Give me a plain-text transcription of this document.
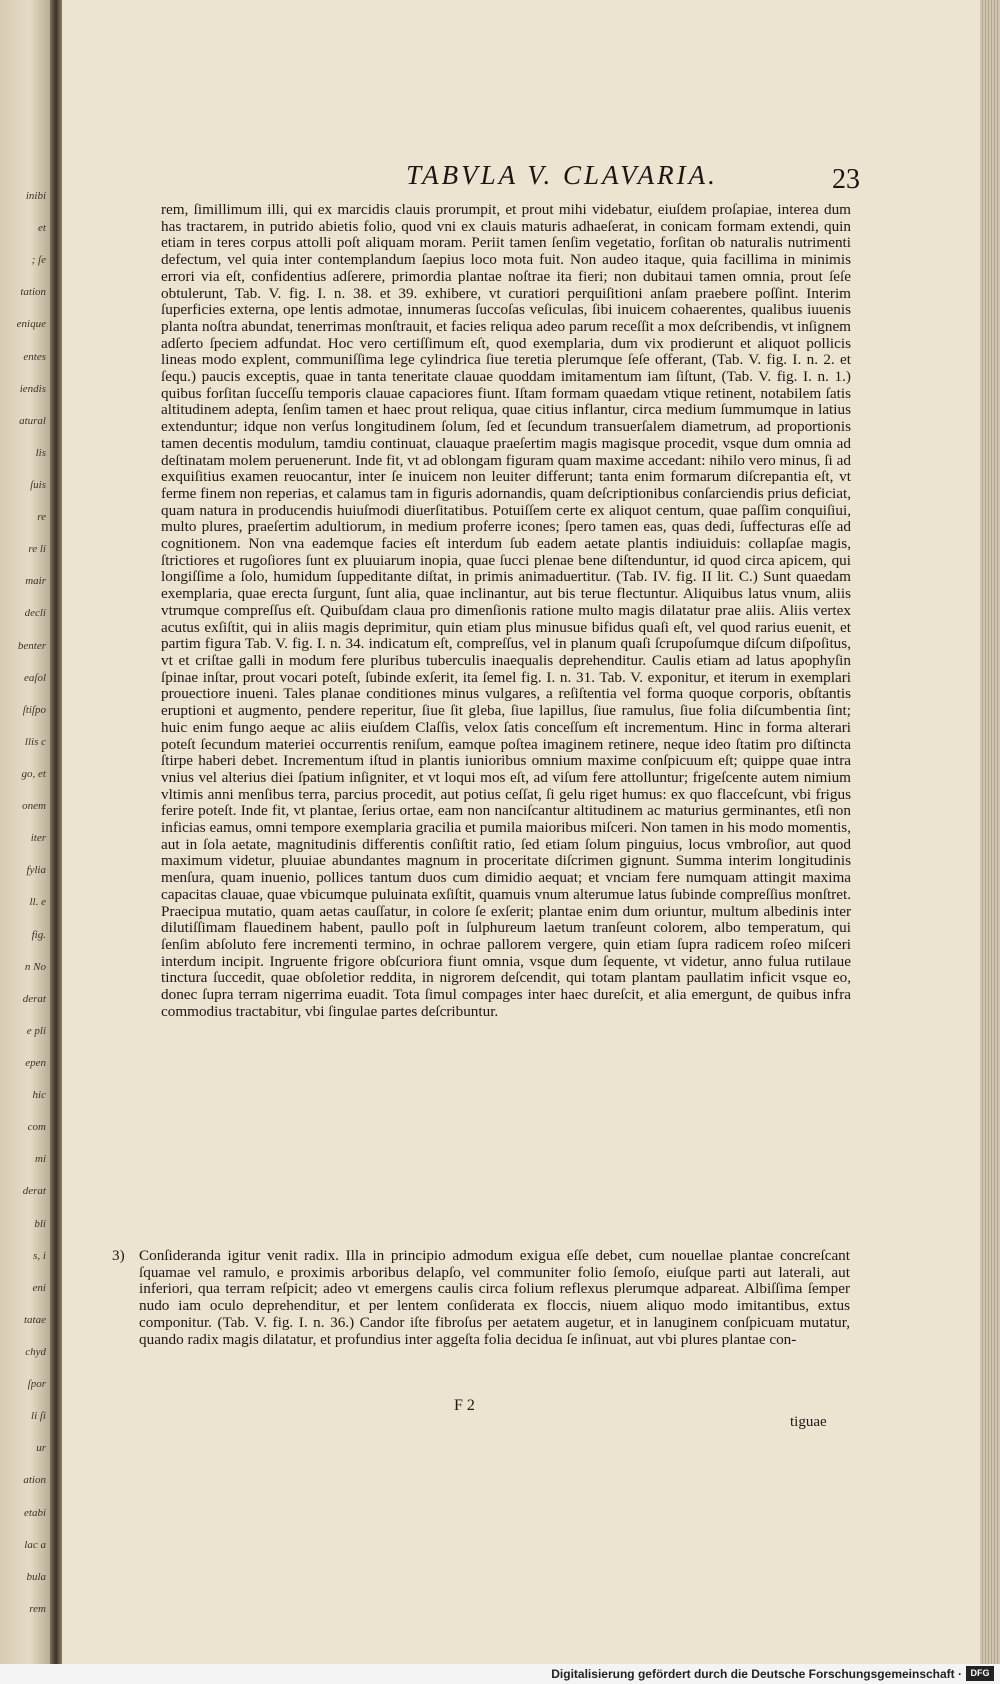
inibi
et
; ſe
tation
enique
entes
iendis
atural
lis
ſuis
re
re li
mair
decli
benter
eaſol
ſtiſpo
llis c
go, et
onem
iter
fylia
ll. e
fig.
n No
derat
e pli
epen
hic
com
mi
derat
bli
s, i
eni
tatae
chyd
ſpor
li ſi
ur
ation
etabi
lac a
bula
rem
TABVLA V. CLAVARIA.	23

rem, ſimillimum illi, qui ex marcidis clauis prorumpit, et prout mihi videbatur, eiuſdem proſapiae, interea dum has tractarem, in putrido abietis folio, quod vni ex clauis maturis adhaeſerat, in conicam formam extendi, quin etiam in teres corpus attolli poſt aliquam moram. Periit tamen ſenſim vegetatio, forſitan ob naturalis nutrimenti defectum, vel quia inter contemplandum ſaepius loco mota fuit. Non audeo itaque, quia facillima in minimis errori via eſt, confidentius adſerere, primordia plantae noſtrae ita fieri; non dubitaui tamen omnia, prout ſeſe obtulerunt, Tab. V. fig. I. n. 38. et 39. exhibere, vt curatiori perquiſitioni anſam praebere poſſint. Interim ſuperficies externa, ope lentis admotae, innumeras ſuccoſas veſiculas, ſibi inuicem cohaerentes, qualibus iuuenis planta noſtra abundat, tenerrimas monſtrauit, et facies reliqua adeo parum receſſit a mox deſcribendis, vt inſignem adſerto ſpeciem adfundat. Hoc vero certiſſimum eſt, quod exemplaria, dum vix prodierunt et aliquot pollicis lineas modo explent, communiſſima lege cylindrica ſiue teretia plerumque ſeſe offerant, (Tab. V. fig. I. n. 2. et ſequ.) paucis exceptis, quae in tanta teneritate clauae quoddam imitamentum iam ſiſtunt, (Tab. V. fig. I. n. 1.) quibus forſitan ſucceſſu temporis clauae capaciores fiunt. Iſtam formam quaedam vtique retinent, notabilem ſatis altitudinem adepta, ſenſim tamen et haec prout reliqua, quae citius inflantur, circa medium ſummumque in latius extenduntur; idque non verſus longitudinem ſolum, ſed et ſecundum transuerſalem diametrum, ad proportionis tamen decentis modulum, tamdiu continuat, clauaque praeſertim magis magisque procedit, vsque dum omnia ad deſtinatam molem peruenerunt. Inde fit, vt ad oblongam figuram quam maxime accedant: nihilo vero minus, ſi ad exquiſitius examen reuocantur, inter ſe inuicem non leuiter differunt; tanta enim formarum diſcrepantia eſt, vt ferme finem non reperias, et calamus tam in figuris adornandis, quam deſcriptionibus conſarciendis prius deficiat, quam natura in producendis huiuſmodi diuerſitatibus. Potuiſſem certe ex aliquot centum, quae paſſim conquiſiui, multo plures, praeſertim adultiorum, in medium proferre icones; ſpero tamen eas, quas dedi, ſuffecturas eſſe ad cognitionem. Non vna eademque facies eſt interdum ſub eadem aetate plantis indiuiduis: collapſae magis, ſtrictiores et rugoſiores ſunt ex pluuiarum inopia, quae ſucci plenae bene diſtenduntur, id quod circa apicem, qui longiſſime a ſolo, humidum ſuppeditante diſtat, in primis animaduertitur. (Tab. IV. fig. II lit. C.) Sunt quaedam exemplaria, quae erecta ſurgunt, ſunt alia, quae inclinantur, aut bis terue flectuntur. Aliquibus latus vnum, aliis vtrumque compreſſus eſt. Quibuſdam claua pro dimenſionis ratione multo magis dilatatur prae aliis. Aliis vertex acutus exſiſtit, qui in aliis magis deprimitur, quin etiam plus minusue bifidus quaſi eſt, vel quod rarius euenit, et partim figura Tab. V. fig. I. n. 34. indicatum eſt, compreſſus, vel in planum quaſi ſcrupoſumque diſcum diſpoſitus, vt et criſtae galli in modum fere pluribus tuberculis inaequalis deprehenditur. Caulis etiam ad latus apophyſin ſpinae inſtar, prout vocari poteſt, ſubinde exſerit, ita ſemel fig. I. n. 31. Tab. V. exponitur, et iterum in exemplari prouectiore inueni. Tales planae conditiones minus vulgares, a reſiſtentia vel forma quoque corporis, obſtantis eruptioni et augmento, pendere reperitur, ſiue ſit gleba, ſiue lapillus, ſiue ramulus, ſiue folia diſcumbentia ſint; huic enim fungo aeque ac aliis eiuſdem Claſſis, velox ſatis conceſſum eſt incrementum. Hinc in forma alterari poteſt ſecundum materiei occurrentis reniſum, eamque poſtea imaginem retinere, neque ideo ſtatim pro diſtincta ſtirpe haberi debet. Incrementum iſtud in plantis iunioribus omnium maxime conſpicuum eſt; quippe quae intra vnius vel alterius diei ſpatium inſigniter, et vt loqui mos eſt, ad viſum fere attolluntur; frigeſcente autem nimium vltimis anni menſibus terra, parcius procedit, aut potius ceſſat, ſi gelu riget humus: ex quo flacceſcunt, vbi frigus ferire poteſt. Inde fit, vt plantae, ſerius ortae, eam non nanciſcantur altitudinem ac maturius germinantes, etſi non inficias eamus, omni tempore exemplaria gracilia et pumila maioribus miſceri. Non tamen in his modo momentis, aut in ſola aetate, magnitudinis differentis conſiſtit ratio, ſed etiam ſolum pinguius, locus vmbroſior, aut quod maximum videtur, pluuiae abundantes magnum in proceritate diſcrimen gignunt. Summa interim longitudinis menſura, quam inuenio, pollices tantum duos cum dimidio aequat; et vnciam fere numquam attingit maxima capacitas clauae, quae vbicumque puluinata exſiſtit, quamuis vnum alterumue latus ſubinde compreſſius monſtret. Praecipua mutatio, quam aetas cauſſatur, in colore ſe exſerit; plantae enim dum oriuntur, multum albedinis inter dilutiſſimam flauedinem habent, paullo poſt in ſulphureum laetum tranſeunt colorem, albo temperatum, qui ſenſim abſoluto fere incrementi termino, in ochrae pallorem vergere, quin etiam ſupra radicem roſeo miſceri interdum incipit. Ingruente frigore obſcuriora fiunt omnia, vsque dum ſequente, vt videtur, anno fulua rutilaue tinctura ſuccedit, quae obſoletior reddita, in nigrorem deſcendit, qui totam plantam paullatim inficit vsque eo, donec ſupra terram nigerrima euadit. Tota ſimul compages inter haec dureſcit, et alia emergunt, de quibus infra commodius tractabitur, vbi ſingulae partes deſcribuntur.

3) Conſideranda igitur venit radix. Illa in principio admodum exigua eſſe debet, cum nouellae plantae concreſcant ſquamae vel ramulo, e proximis arboribus delapſo, vel communiter folio ſemoſo, eiuſque parti aut laterali, aut inferiori, qua terram reſpicit; adeo vt emergens caulis circa folium reflexus plerumque adpareat. Albiſſima ſemper nudo iam oculo deprehenditur, et per lentem conſiderata ex floccis, niuem aliquo modo imitantibus, extus componitur. (Tab. V. fig. I. n. 36.) Candor iſte fibroſus per aetatem augetur, et in lanuginem conſpicuam mutatur, quando radix magis dilatatur, et profundius inter aggeſta folia decidua ſe inſinuat, aut vbi plures plantae con-

F 2
tiguae
Digitalisierung gefördert durch die Deutsche Forschungsgemeinschaft · DFG
